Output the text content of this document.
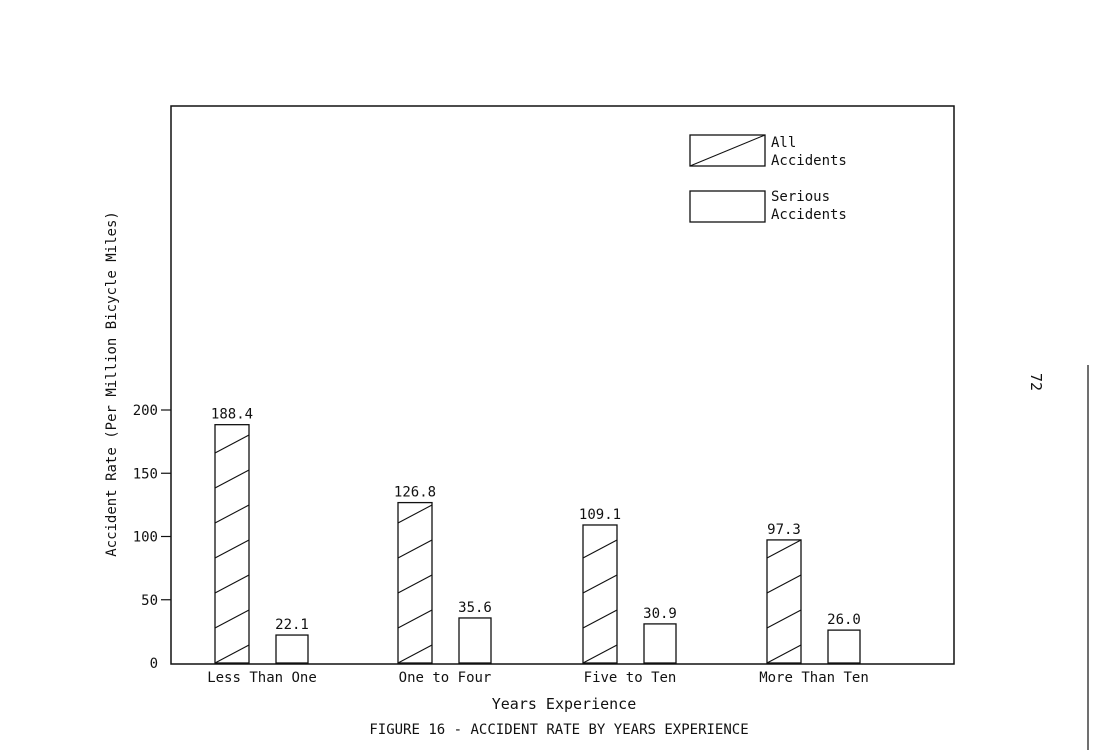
0
50
100
150
200	188.4
126.8
109.1
97.3
22.1
35.6	30.9	26.0
Less Than One	One to Four	Five to Ten	More Than Ten
All
Accidents
Serious
Accidents
Accident Rate (Per Million Bicycle Miles)
Years Experience
FIGURE 16 - ACCIDENT RATE BY YEARS EXPERIENCE
72
